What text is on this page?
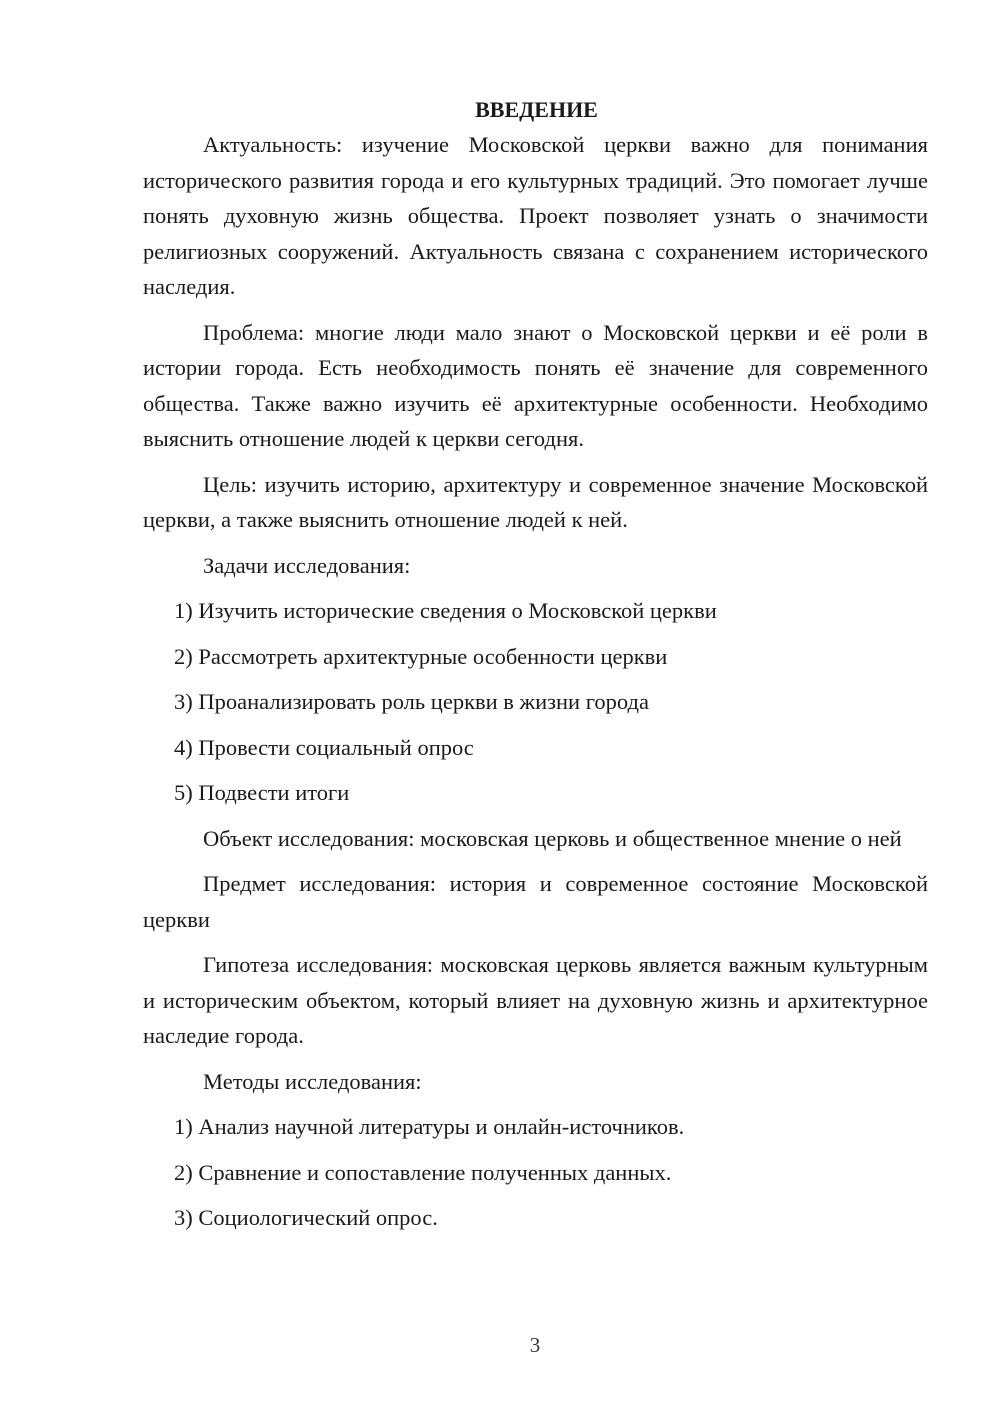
ВВЕДЕНИЕ

Актуальность: изучение Московской церкви важно для понимания исторического развития города и его культурных традиций. Это помогает лучше понять духовную жизнь общества. Проект позволяет узнать о значимости религиозных сооружений. Актуальность связана с сохранением исторического наследия.

Проблема: многие люди мало знают о Московской церкви и её роли в истории города. Есть необходимость понять её значение для современного общества. Также важно изучить её архитектурные особенности. Необходимо выяснить отношение людей к церкви сегодня.

Цель: изучить историю, архитектуру и современное значение Московской церкви, а также выяснить отношение людей к ней.

Задачи исследования:

1) Изучить исторические сведения о Московской церкви

2) Рассмотреть архитектурные особенности церкви

3) Проанализировать роль церкви в жизни города

4) Провести социальный опрос

5) Подвести итоги

Объект исследования: московская церковь и общественное мнение о ней

Предмет исследования: история и современное состояние Московской церкви

Гипотеза исследования: московская церковь является важным культурным и историческим объектом, который влияет на духовную жизнь и архитектурное наследие города.

Методы исследования:

1) Анализ научной литературы и онлайн-источников.

2) Сравнение и сопоставление полученных данных.

3) Социологический опрос.

3
